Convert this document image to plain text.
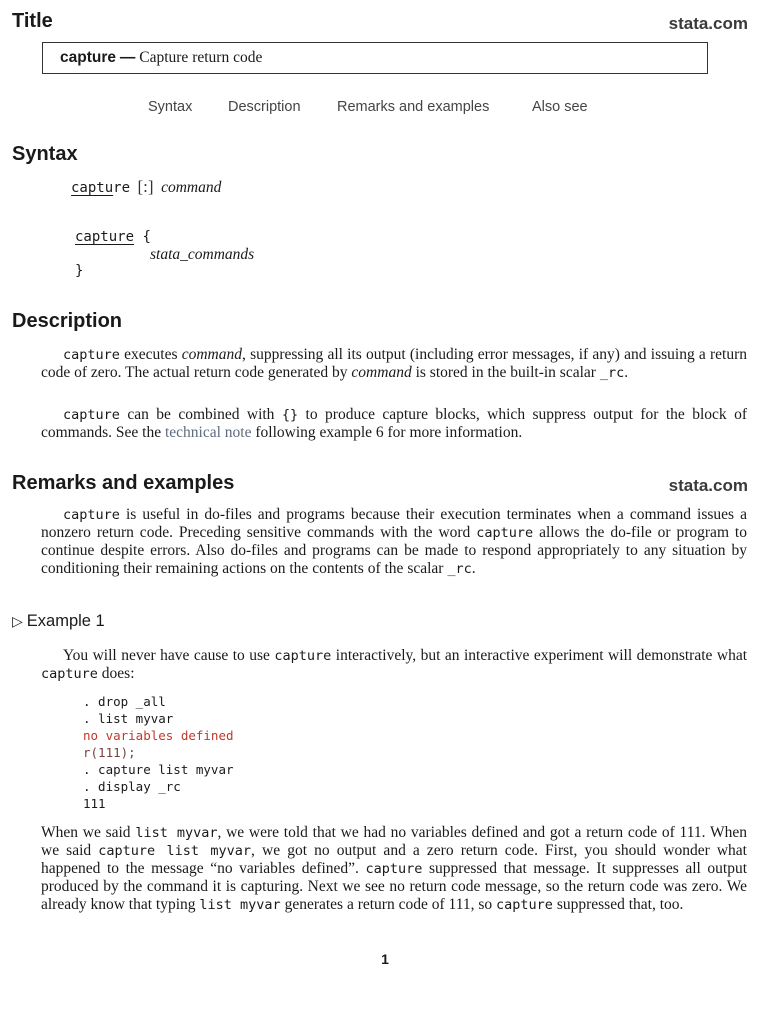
Title	stata.com
capture — Capture return code
Syntax Description	Remarks and examples	Also see
Syntax
capture [:] command
capture {
stata_commands
}
Description
capture executes command, suppressing all its output (including error messages, if any) and issuing a return code of zero. The actual return code generated by command is stored in the built-in scalar _rc.
capture can be combined with {} to produce capture blocks, which suppress output for the block of commands. See the technical note following example 6 for more information.
Remarks and examples	stata.com
capture is useful in do-files and programs because their execution terminates when a command issues a nonzero return code. Preceding sensitive commands with the word capture allows the do-file or program to continue despite errors. Also do-files and programs can be made to respond appropriately to any situation by conditioning their remaining actions on the contents of the scalar _rc.
▷ Example 1
You will never have cause to use capture interactively, but an interactive experiment will demonstrate what capture does:
. drop _all
. list myvar
no variables defined
r(111);
. capture list myvar
. display _rc
111
When we said list myvar, we were told that we had no variables defined and got a return code of 111. When we said capture list myvar, we got no output and a zero return code. First, you should wonder what happened to the message “no variables defined”. capture suppressed that message. It suppresses all output produced by the command it is capturing. Next we see no return code message, so the return code was zero. We already know that typing list myvar generates a return code of 111, so capture suppressed that, too.
1
